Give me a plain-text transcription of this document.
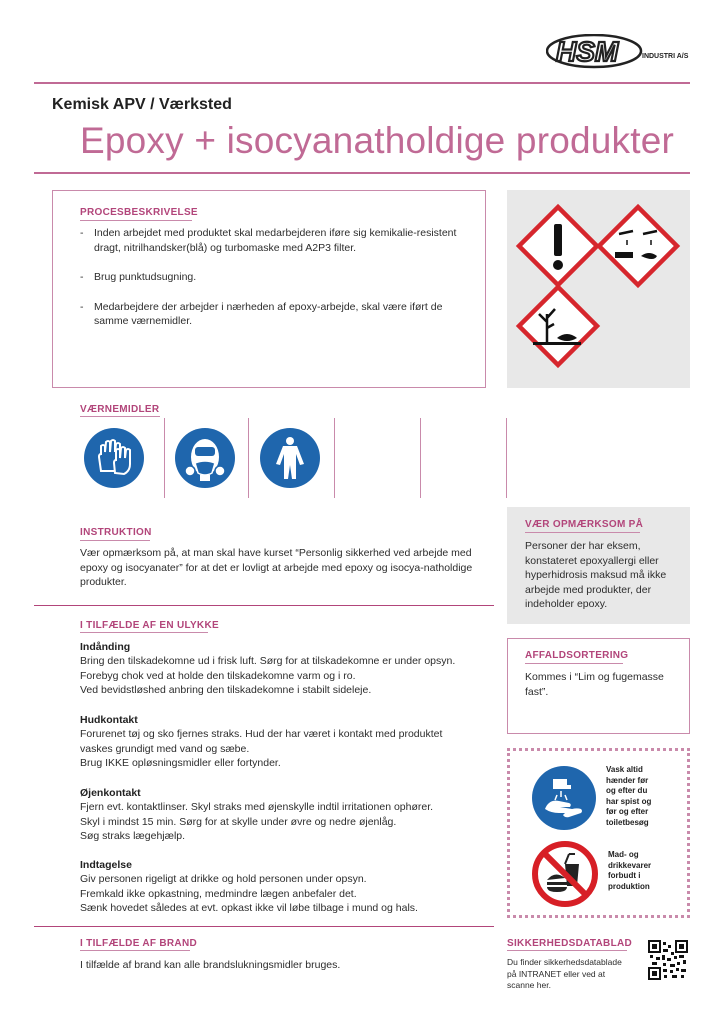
HSM	INDUSTRI A/S
Kemisk APV / Værksted
Epoxy + isocyanatholdige produkter
PROCESBESKRIVELSE
- Inden arbejdet med produktet skal medarbejderen iføre sig kemikalie-resistent dragt, nitrilhandsker(blå) og turbomaske med A2P3 filter.
- Brug punktudsugning.
- Medarbejdere der arbejder i nærheden af epoxy-arbejde, skal være iført de samme værnemidler.
VÆRNEMIDLER
INSTRUKTION
Vær opmærksom på, at man skal have kurset “Personlig sikkerhed ved arbejde med epoxy og isocyanater” for at det er lovligt at arbejde med epoxy og isocya-natholdige produkter.
VÆR OPMÆRKSOM PÅ
Personer der har eksem, konstateret epoxyallergi eller hyperhidrosis maksud må ikke arbejde med produkter, der indeholder epoxy.
I TILFÆLDE AF EN ULYKKE
Indånding
Bring den tilskadekomne ud i frisk luft. Sørg for at tilskadekomne er under opsyn.
Forebyg chok ved at holde den tilskadekomne varm og i ro.
Ved bevidstløshed anbring den tilskadekomne i stabilt sideleje.
Hudkontakt
Forurenet tøj og sko fjernes straks. Hud der har været i kontakt med produktet
vaskes grundigt med vand og sæbe.
Brug IKKE opløsningsmidler eller fortynder.
Øjenkontakt
Fjern evt. kontaktlinser. Skyl straks med øjenskylle indtil irritationen ophører.
Skyl i mindst 15 min. Sørg for at skylle under øvre og nedre øjenlåg.
Søg straks lægehjælp.
Indtagelse
Giv personen rigeligt at drikke og hold personen under opsyn.
Fremkald ikke opkastning, medmindre lægen anbefaler det.
Sænk hovedet således at evt. opkast ikke vil løbe tilbage i mund og hals.
AFFALDSORTERING
Kommes i “Lim og fugemasse fast”.
Vask altid hænder før og efter du har spist og før og efter toiletbesøg
Mad- og drikkevarer forbudt i produktion
I TILFÆLDE AF BRAND
I tilfælde af brand kan alle brandslukningsmidler bruges.
SIKKERHEDSDATABLAD
Du finder sikkerhedsdatablade på INTRANET eller ved at scanne her.
